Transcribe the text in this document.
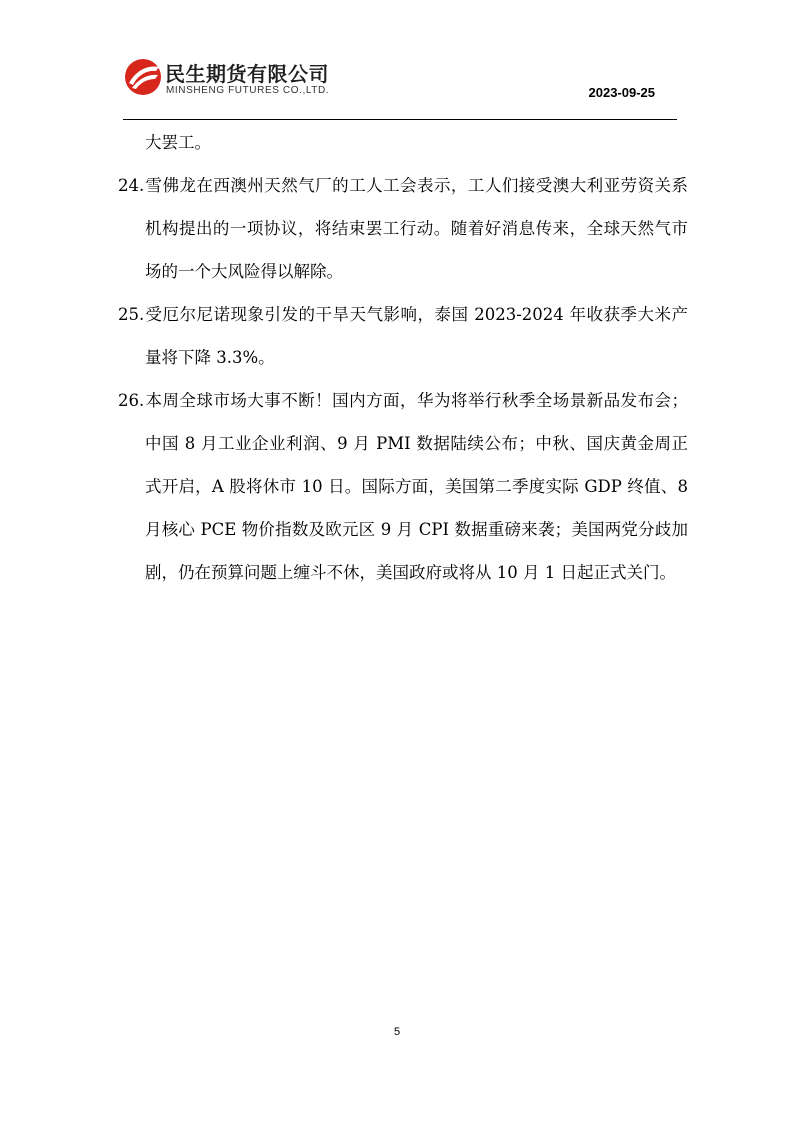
民生期货有限公司
MINSHENG FUTURES CO.,LTD.	2023-09-25

大罢工。

24.雪佛龙在西澳州天然气厂的工人工会表示，工人们接受澳大利亚劳资关系机构提出的一项协议，将结束罢工行动。随着好消息传来，全球天然气市场的一个大风险得以解除。

25.受厄尔尼诺现象引发的干旱天气影响，泰国 2023-2024 年收获季大米产量将下降 3.3%。

26.本周全球市场大事不断！国内方面，华为将举行秋季全场景新品发布会；中国 8 月工业企业利润、9 月 PMI 数据陆续公布；中秋、国庆黄金周正式开启，A 股将休市 10 日。国际方面，美国第二季度实际 GDP 终值、8 月核心 PCE 物价指数及欧元区 9 月 CPI 数据重磅来袭；美国两党分歧加剧，仍在预算问题上缠斗不休，美国政府或将从 10 月 1 日起正式关门。

5
